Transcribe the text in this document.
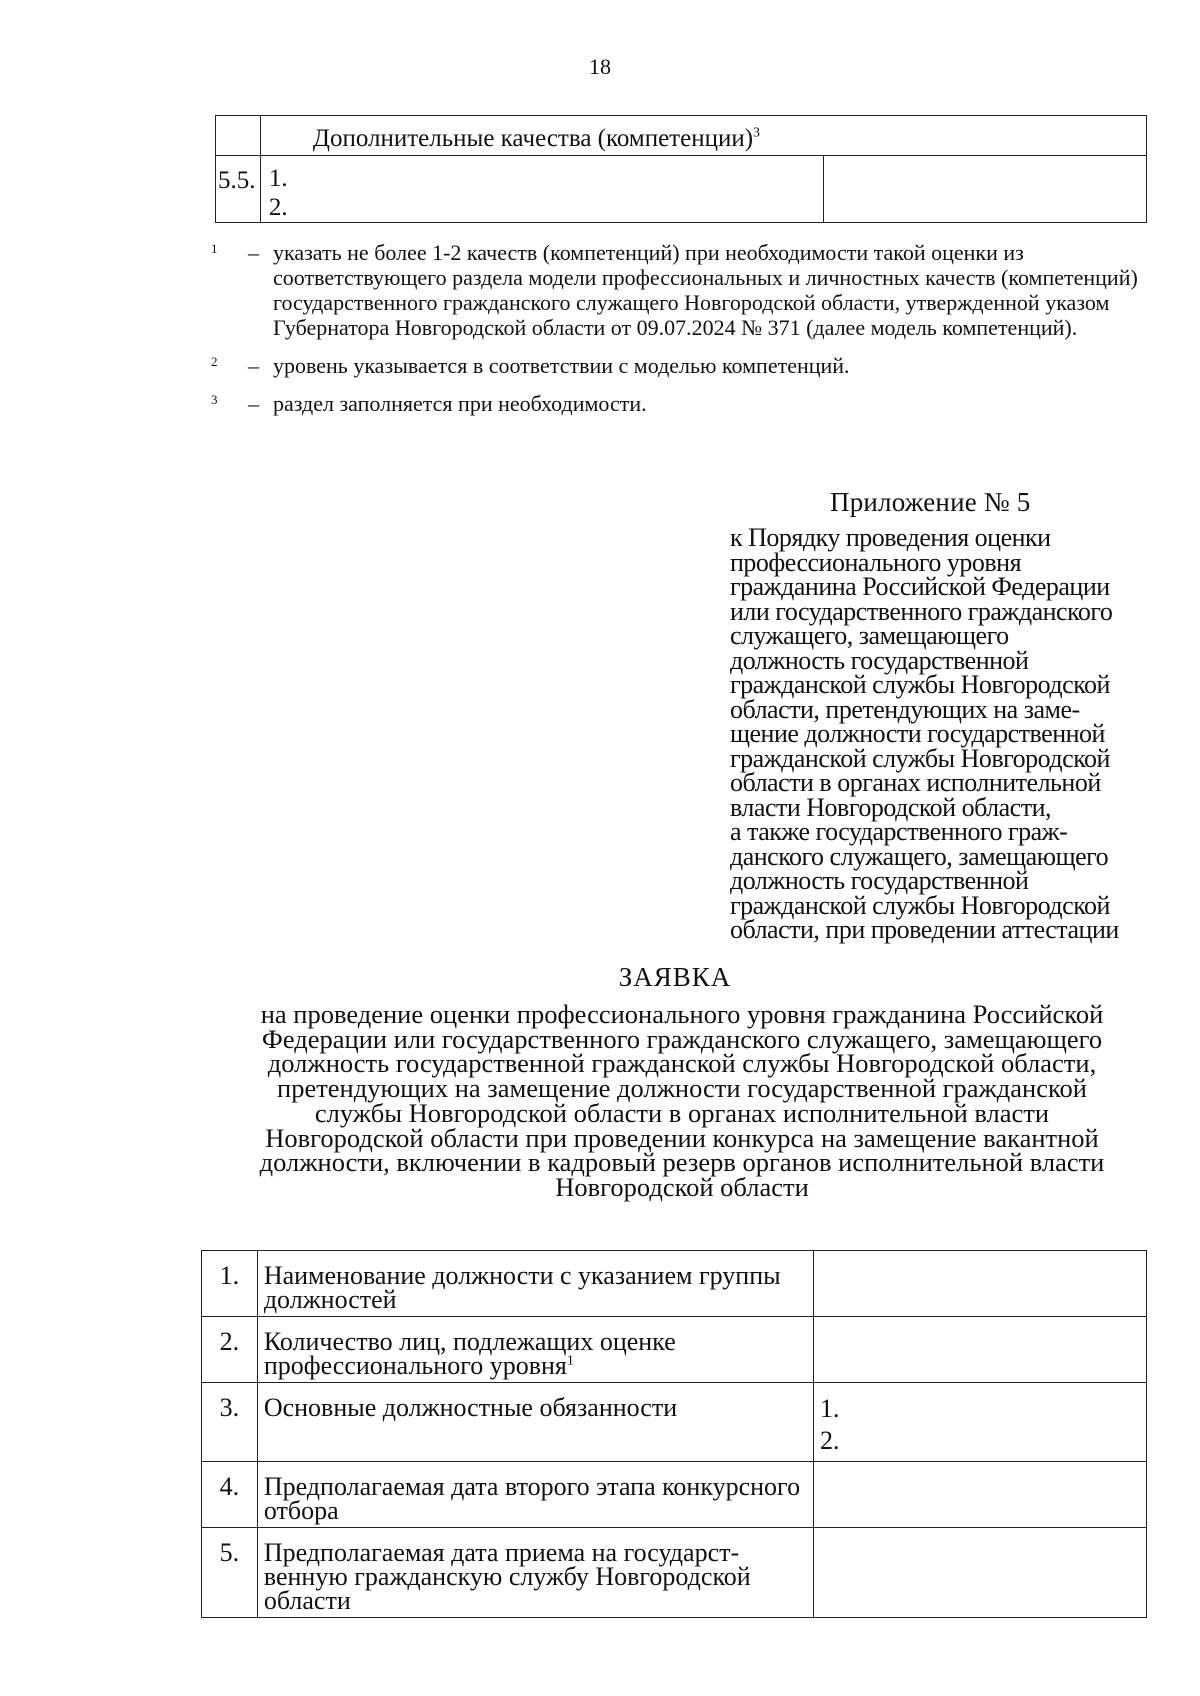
18
	Дополнительные качества (компетенции)$^3$
5.5.	1.
2.	

1 – указать не более 1-2 качеств (компетенций) при необходимости такой оценки из соответствующего раздела модели профессиональных и личностных качеств (компетенций) государственного гражданского служащего Новгородской области, утвержденной указом Губернатора Новгородской области от 09.07.2024 № 371 (далее модель компетенций).
2 – уровень указывается в соответствии с моделью компетенций.
3 – раздел заполняется при необходимости.
Приложение № 5
к Порядку проведения оценки
профессионального уровня
гражданина Российской Федерации
или государственного гражданского
служащего, замещающего
должность государственной
гражданской службы Новгородской
области, претендующих на заме-
щение должности государственной
гражданской службы Новгородской
области в органах исполнительной
власти Новгородской области,
а также государственного граж-
данского служащего, замещающего
должность государственной
гражданской службы Новгородской
области, при проведении аттестации
ЗАЯВКА
на проведение оценки профессионального уровня гражданина Российской
Федерации или государственного гражданского служащего, замещающего
должность государственной гражданской службы Новгородской области,
претендующих на замещение должности государственной гражданской
службы Новгородской области в органах исполнительной власти
Новгородской области при проведении конкурса на замещение вакантной
должности, включении в кадровый резерв органов исполнительной власти
Новгородской области
1.	Наименование должности с указанием группы должностей	
2.	Количество лиц, подлежащих оценке профессионального уровня$^1$	
3.	Основные должностные обязанности	1.
2.

4.	Предполагаемая дата второго этапа конкурсного отбора	
5.	Предполагаемая дата приема на государст-венную гражданскую службу Новгородской области	
